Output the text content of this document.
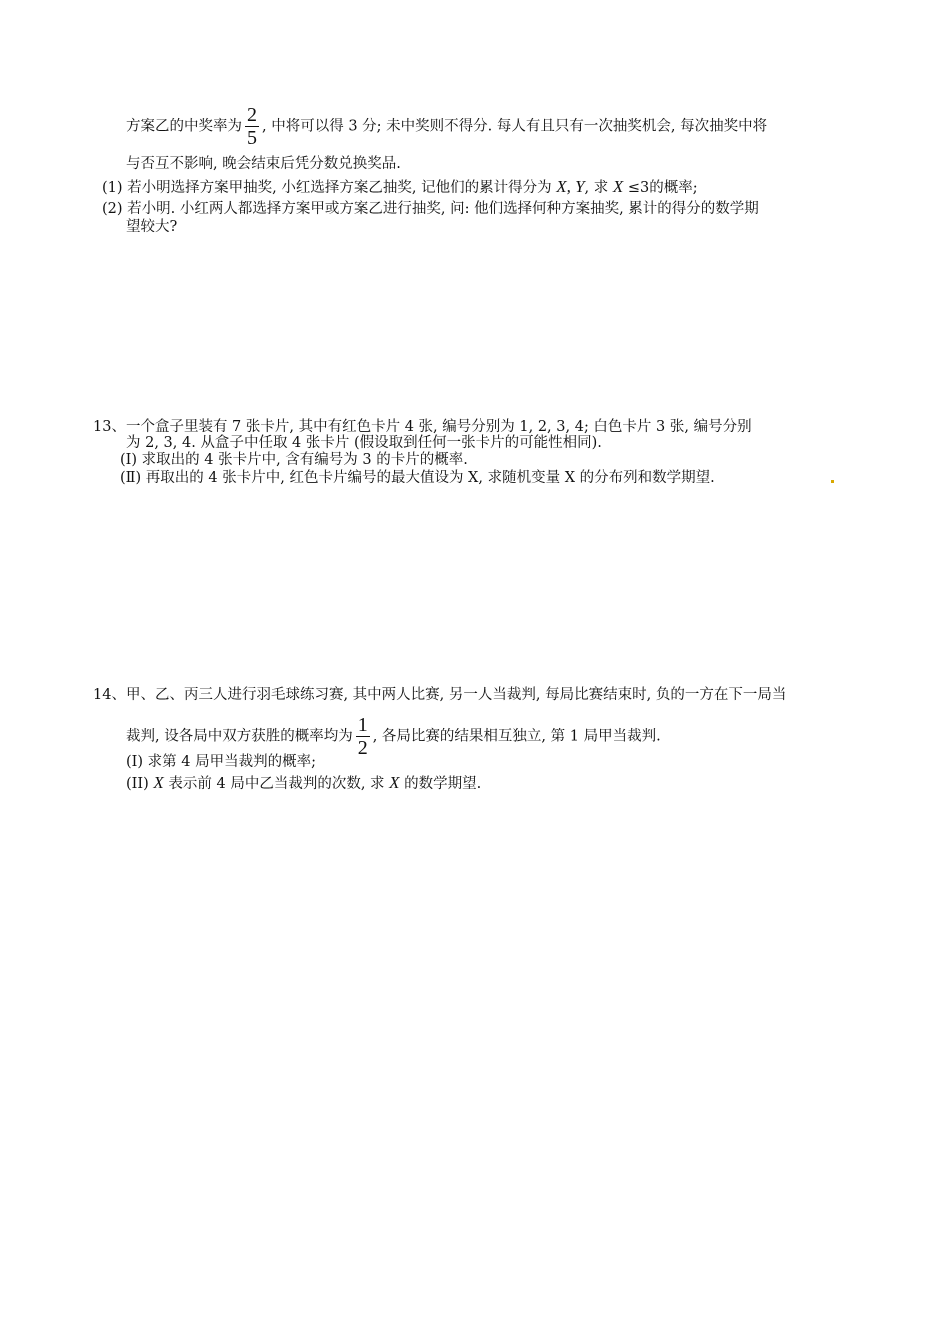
方案乙的中奖率为 $\frac{2}{5}$ , 中将可以得 3 分; 未中奖则不得分. 每人有且只有一次抽奖机会, 每次抽奖中将
与否互不影响, 晚会结束后凭分数兑换奖品.
(1) 若小明选择方案甲抽奖, 小红选择方案乙抽奖, 记他们的累计得分为 X, Y, 求 X ≤3的概率;
(2) 若小明. 小红两人都选择方案甲或方案乙进行抽奖, 问: 他们选择何种方案抽奖, 累计的得分的数学期
望较大?
13、一个盒子里装有 7 张卡片, 其中有红色卡片 4 张, 编号分别为 1, 2, 3, 4; 白色卡片 3 张, 编号分别
为 2, 3, 4. 从盒子中任取 4 张卡片 (假设取到任何一张卡片的可能性相同).
(Ⅰ) 求取出的 4 张卡片中, 含有编号为 3 的卡片的概率.
(Ⅱ) 再取出的 4 张卡片中, 红色卡片编号的最大值设为 X, 求随机变量 X 的分布列和数学期望.
14、甲、乙、丙三人进行羽毛球练习赛, 其中两人比赛, 另一人当裁判, 每局比赛结束时, 负的一方在下一局当
裁判, 设各局中双方获胜的概率均为 $\frac{1}{2}$ , 各局比赛的结果相互独立, 第 1 局甲当裁判.
(I) 求第 4 局甲当裁判的概率;
(II) X 表示前 4 局中乙当裁判的次数, 求 X 的数学期望.
